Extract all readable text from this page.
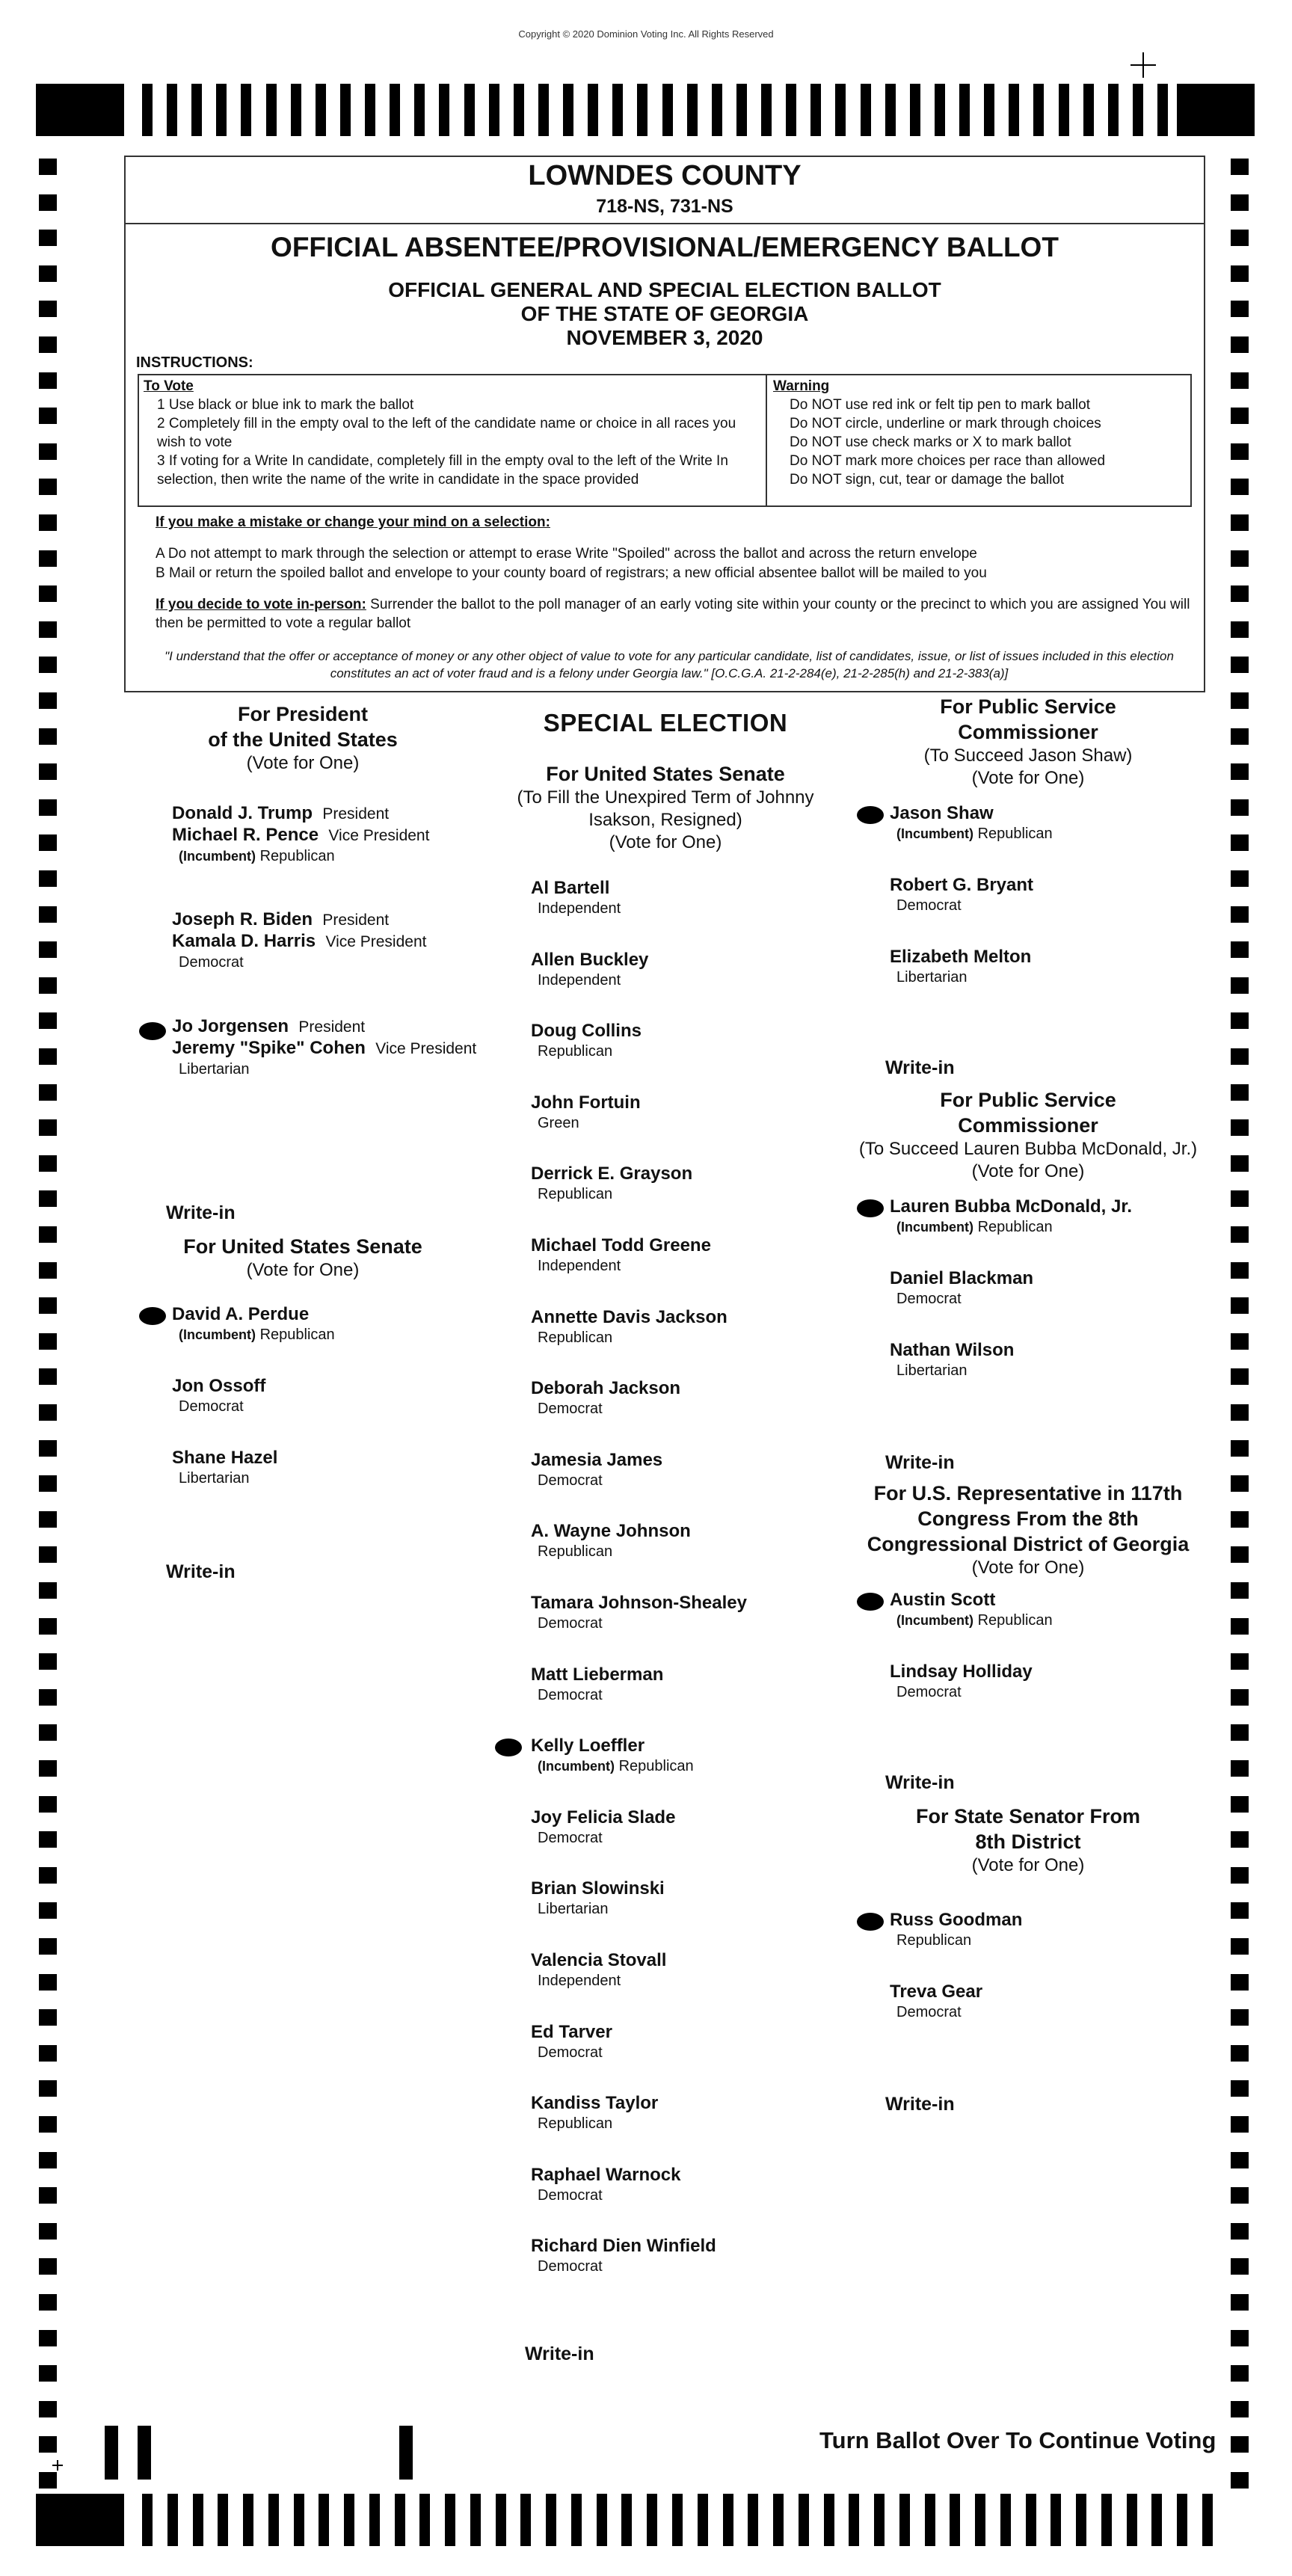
Copyright © 2020 Dominion Voting Inc. All Rights Reserved
LOWNDES COUNTY
718-NS, 731-NS
OFFICIAL ABSENTEE/PROVISIONAL/EMERGENCY BALLOT
OFFICIAL GENERAL AND SPECIAL ELECTION BALLOT
OF THE STATE OF GEORGIA
NOVEMBER 3, 2020
INSTRUCTIONS:
To Vote
1 Use black or blue ink to mark the ballot
2 Completely fill in the empty oval to the left of the candidate name or choice in all races you wish to vote
3 If voting for a Write In candidate, completely fill in the empty oval to the left of the Write In selection, then write the name of the write in candidate in the space provided
Warning
Do NOT use red ink or felt tip pen to mark ballot
Do NOT circle, underline or mark through choices
Do NOT use check marks or X to mark ballot
Do NOT mark more choices per race than allowed
Do NOT sign, cut, tear or damage the ballot
If you make a mistake or change your mind on a selection:
A Do not attempt to mark through the selection or attempt to erase Write "Spoiled" across the ballot and across the return envelope
B Mail or return the spoiled ballot and envelope to your county board of registrars; a new official absentee ballot will be mailed to you
If you decide to vote in-person: Surrender the ballot to the poll manager of an early voting site within your county or the precinct to which you are assigned You will then be permitted to vote a regular ballot
"I understand that the offer or acceptance of money or any other object of value to vote for any particular candidate, list of candidates, issue, or list of issues included in this election constitutes an act of voter fraud and is a felony under Georgia law." [O.C.G.A. 21-2-284(e), 21-2-285(h) and 21-2-383(a)]
For President
of the United States
(Vote for One)
Donald J. Trump President
Michael R. Pence Vice President
(Incumbent) Republican
Joseph R. Biden President
Kamala D. Harris Vice President
Democrat
Jo Jorgensen President
Jeremy "Spike" Cohen Vice President
Libertarian
Write-in
For United States Senate
(Vote for One)
David A. Perdue
(Incumbent) Republican
Jon Ossoff
Democrat
Shane Hazel
Libertarian
Write-in
SPECIAL ELECTION
For United States Senate
(To Fill the Unexpired Term of Johnny
Isakson, Resigned)
(Vote for One)
Al Bartell
Independent
Allen Buckley
Independent
Doug Collins
Republican
John Fortuin
Green
Derrick E. Grayson
Republican
Michael Todd Greene
Independent
Annette Davis Jackson
Republican
Deborah Jackson
Democrat
Jamesia James
Democrat
A. Wayne Johnson
Republican
Tamara Johnson-Shealey
Democrat
Matt Lieberman
Democrat
Kelly Loeffler
(Incumbent) Republican
Joy Felicia Slade
Democrat
Brian Slowinski
Libertarian
Valencia Stovall
Independent
Ed Tarver
Democrat
Kandiss Taylor
Republican
Raphael Warnock
Democrat
Richard Dien Winfield
Democrat
Write-in
For Public Service
Commissioner
(To Succeed Jason Shaw)
(Vote for One)
Jason Shaw
(Incumbent) Republican
Robert G. Bryant
Democrat
Elizabeth Melton
Libertarian
Write-in
For Public Service
Commissioner
(To Succeed Lauren Bubba McDonald, Jr.)
(Vote for One)
Lauren Bubba McDonald, Jr.
(Incumbent) Republican
Daniel Blackman
Democrat
Nathan Wilson
Libertarian
Write-in
For U.S. Representative in 117th
Congress From the 8th
Congressional District of Georgia
(Vote for One)
Austin Scott
(Incumbent) Republican
Lindsay Holliday
Democrat
Write-in
For State Senator From
8th District
(Vote for One)
Russ Goodman
Republican
Treva Gear
Democrat
Write-in
Turn Ballot Over To Continue Voting
